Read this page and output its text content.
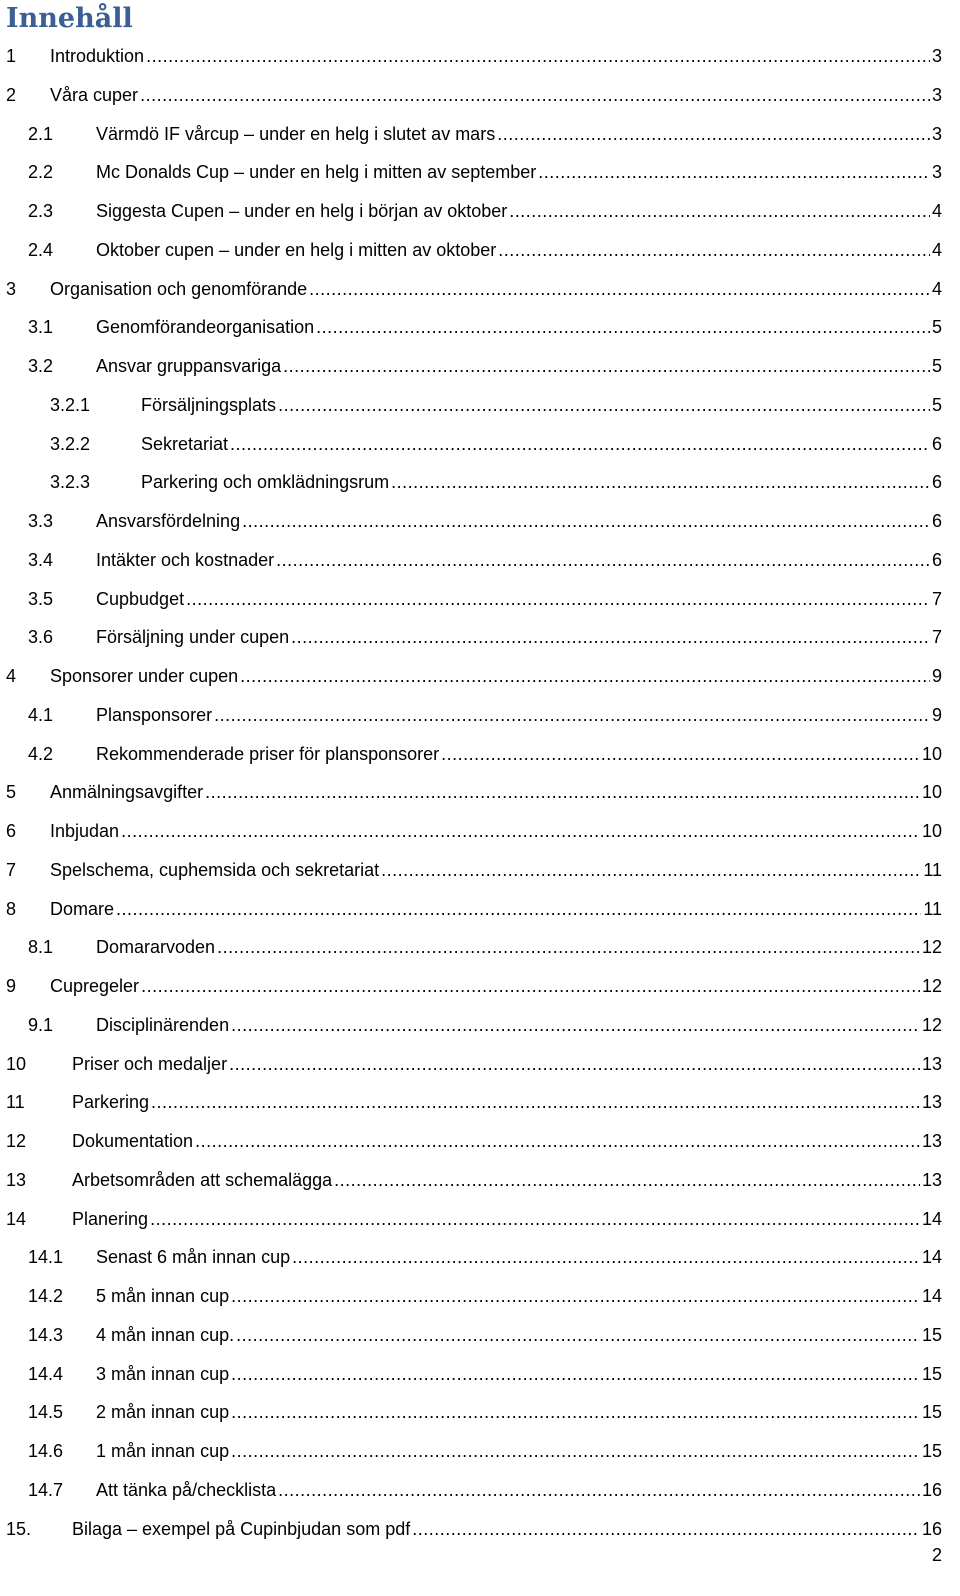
Innehåll
1 Introduktion .....	3
2 Våra cuper .....	3
2.1 Värmdö IF vårcup – under en helg i slutet av mars .....	3
2.2 Mc Donalds Cup – under en helg i mitten av september .....	3
2.3 Siggesta Cupen – under en helg i början av oktober .....	4
2.4 Oktober cupen – under en helg i mitten av oktober .....	4
3 Organisation och genomförande .....	4
3.1 Genomförandeorganisation .....	5
3.2 Ansvar gruppansvariga .....	5
3.2.1	Försäljningsplats .....	5
3.2.2	Sekretariat .....	6
3.2.3	Parkering och omklädningsrum .....	6
3.3 Ansvarsfördelning .....	6
3.4 Intäkter och kostnader .....	6
3.5 Cupbudget .....	7
3.6 Försäljning under cupen .....	7
4 Sponsorer under cupen .....	9
4.1 Plansponsorer .....	9
4.2 Rekommenderade priser för plansponsorer .....	10
5 Anmälningsavgifter .....	10
6 Inbjudan .....	10
7 Spelschema, cuphemsida och sekretariat .....	11
8 Domare .....	11
8.1 Domararvoden .....	12
9 Cupregeler .....	12
9.1 Disciplinärenden .....	12
10	Priser och medaljer .....	13
11	Parkering .....	13
12	Dokumentation .....	13
13	Arbetsområden att schemalägga .....	13
14	Planering .....	14
14.1 Senast 6 mån innan cup .....	14
14.2 5 mån innan cup .....	14
14.3 4 mån innan cup. .....	15
14.4 3 mån innan cup .....	15
14.5 2 mån innan cup .....	15
14.6 1 mån innan cup .....	15
14.7 Att tänka på/checklista .....	16
15. Bilaga – exempel på Cupinbjudan som pdf .....	16
2
